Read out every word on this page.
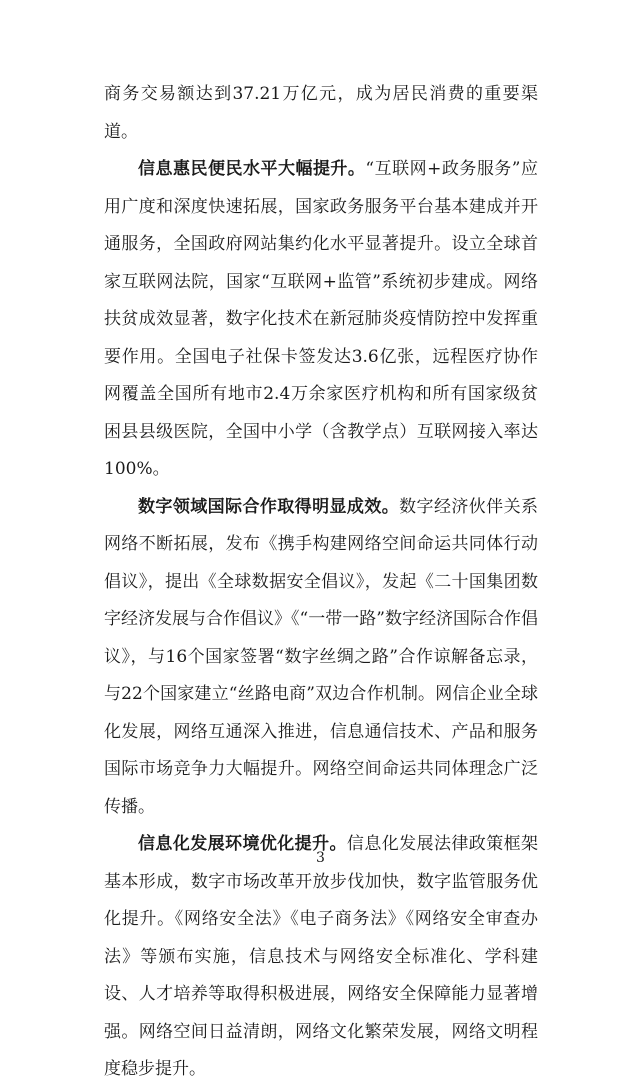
商务交易额达到37.21万亿元，成为居民消费的重要渠道。

信息惠民便民水平大幅提升。“互联网+政务服务”应用广度和深度快速拓展，国家政务服务平台基本建成并开通服务，全国政府网站集约化水平显著提升。设立全球首家互联网法院，国家“互联网+监管”系统初步建成。网络扶贫成效显著，数字化技术在新冠肺炎疫情防控中发挥重要作用。全国电子社保卡签发达3.6亿张，远程医疗协作网覆盖全国所有地市2.4万余家医疗机构和所有国家级贫困县县级医院，全国中小学（含教学点）互联网接入率达100%。

数字领域国际合作取得明显成效。数字经济伙伴关系网络不断拓展，发布《携手构建网络空间命运共同体行动倡议》，提出《全球数据安全倡议》，发起《二十国集团数字经济发展与合作倡议》《“一带一路”数字经济国际合作倡议》，与16个国家签署“数字丝绸之路”合作谅解备忘录，与22个国家建立“丝路电商”双边合作机制。网信企业全球化发展，网络互通深入推进，信息通信技术、产品和服务国际市场竞争力大幅提升。网络空间命运共同体理念广泛传播。

信息化发展环境优化提升。信息化发展法律政策框架基本形成，数字市场改革开放步伐加快，数字监管服务优化提升。《网络安全法》《电子商务法》《网络安全审查办法》等颁布实施，信息技术与网络安全标准化、学科建设、人才培养等取得积极进展，网络安全保障能力显著增强。网络空间日益清朗，网络文化繁荣发展，网络文明程度稳步提升。

3
